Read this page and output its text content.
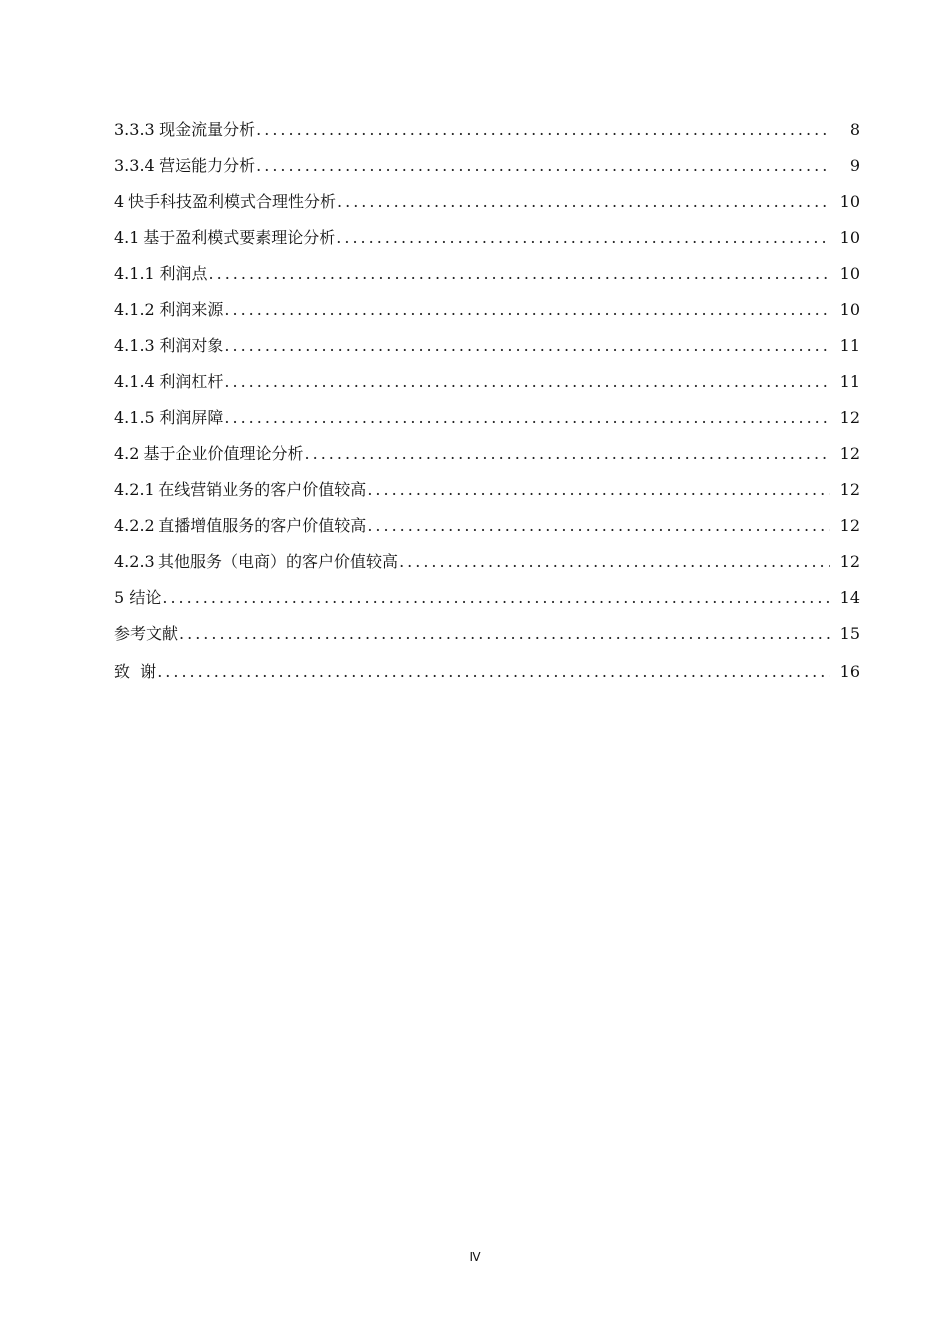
3.3.3 现金流量分析 .....	8
3.3.4 营运能力分析 .....	9
4 快手科技盈利模式合理性分析 .....	10
4.1 基于盈利模式要素理论分析 .....	10
4.1.1 利润点 .....	10
4.1.2 利润来源 .....	10
4.1.3 利润对象 .....	11
4.1.4 利润杠杆 .....	11
4.1.5 利润屏障 .....	12
4.2 基于企业价值理论分析 .....	12
4.2.1 在线营销业务的客户价值较高 .....	12
4.2.2 直播增值服务的客户价值较高 .....	12
4.2.3 其他服务（电商）的客户价值较高 .....	12
5 结论 .....	14
参考文献 .....	15
致  谢 .....	16
Ⅳ
